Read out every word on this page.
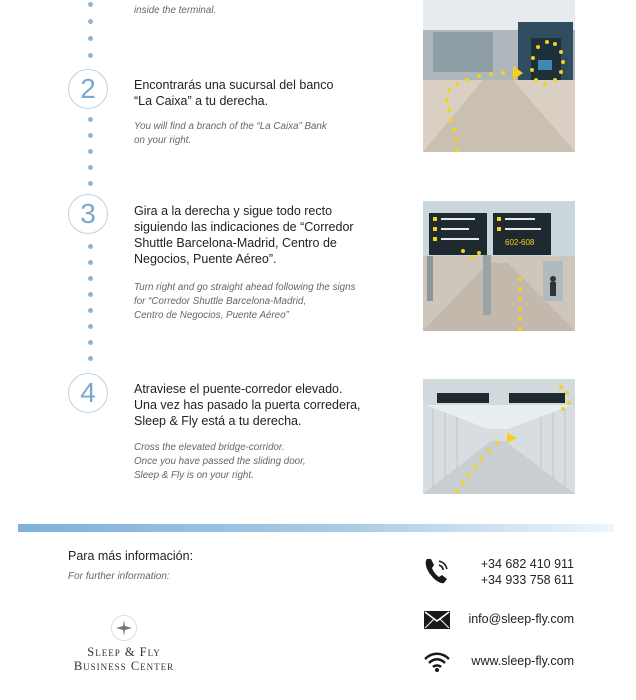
inside the terminal.
2	Encontrarás una sucursal del banco
“La Caixa” a tu derecha.
You will find a branch of the “La Caixa” Bank
on your right.
3	Gira a la derecha y sigue todo recto
siguiendo las indicaciones de “Corredor
Shuttle Barcelona-Madrid, Centro de
Negocios, Puente Aéreo”.
Turn right and go straight ahead following the signs
for “Corredor Shuttle Barcelona-Madrid,
Centro de Negocios, Puente Aéreo”
4	Atraviese el puente-corredor elevado.
Una vez has pasado la puerta corredera,
Sleep & Fly está a tu derecha.
Cross the elevated bridge-corridor.
Once you have passed the sliding door,
Sleep & Fly is on your right.
602-608
Para más información:
For further information:
Sleep & Fly
Business Center
+34 682 410 911
+34 933 758 611
info@sleep-fly.com
www.sleep-fly.com
